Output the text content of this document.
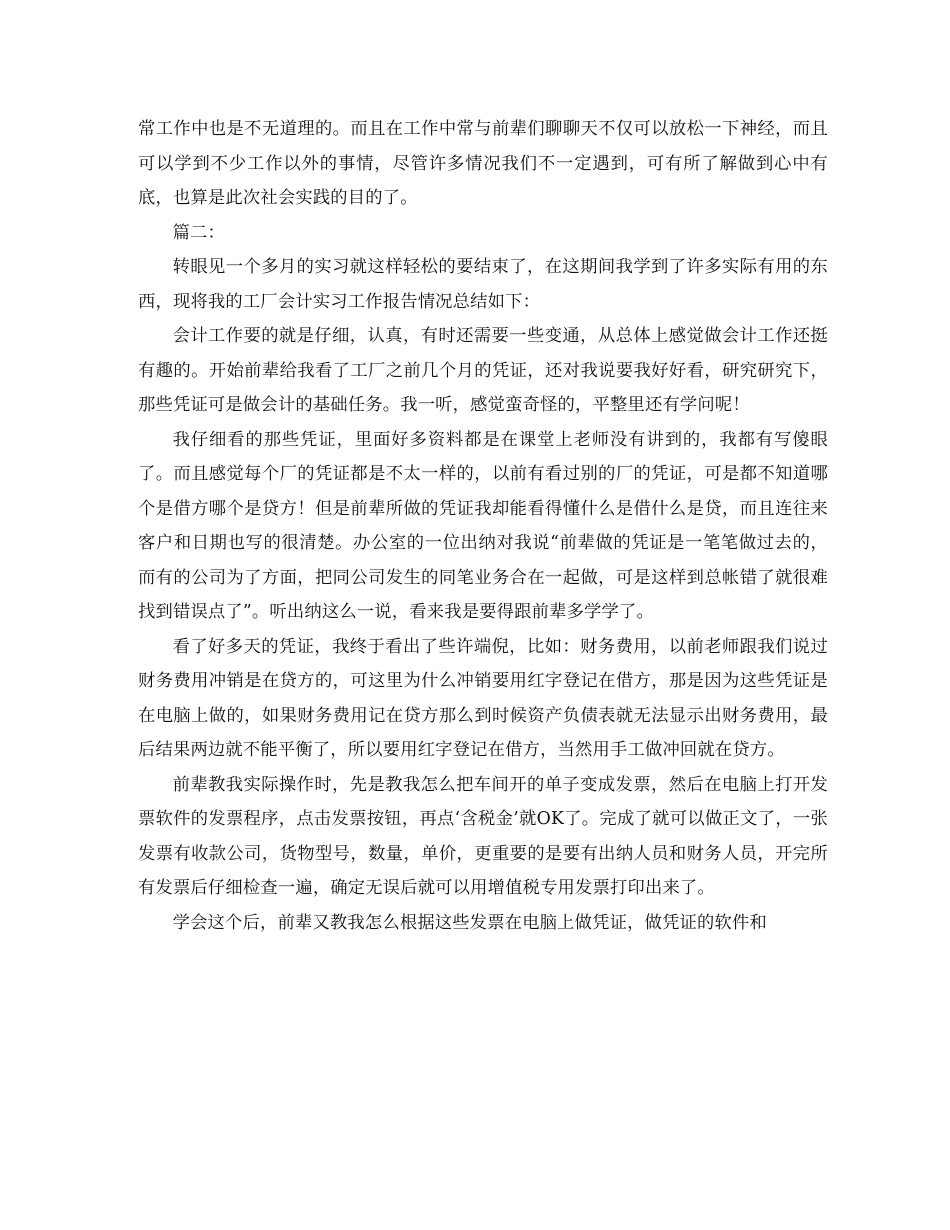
常工作中也是不无道理的。而且在工作中常与前辈们聊聊天不仅可以放松一下神经，而且可以学到不少工作以外的事情，尽管许多情况我们不一定遇到，可有所了解做到心中有底，也算是此次社会实践的目的了。

篇二：

转眼见一个多月的实习就这样轻松的要结束了，在这期间我学到了许多实际有用的东西，现将我的工厂会计实习工作报告情况总结如下：

会计工作要的就是仔细，认真，有时还需要一些变通，从总体上感觉做会计工作还挺有趣的。开始前辈给我看了工厂之前几个月的凭证，还对我说要我好好看，研究研究下，那些凭证可是做会计的基础任务。我一听，感觉蛮奇怪的，平整里还有学问呢！

我仔细看的那些凭证，里面好多资料都是在课堂上老师没有讲到的，我都有写傻眼了。而且感觉每个厂的凭证都是不太一样的，以前有看过别的厂的凭证，可是都不知道哪个是借方哪个是贷方！但是前辈所做的凭证我却能看得懂什么是借什么是贷，而且连往来客户和日期也写的很清楚。办公室的一位出纳对我说“前辈做的凭证是一笔笔做过去的，而有的公司为了方面，把同公司发生的同笔业务合在一起做，可是这样到总帐错了就很难找到错误点了”。听出纳这么一说，看来我是要得跟前辈多学学了。

看了好多天的凭证，我终于看出了些许端倪，比如：财务费用，以前老师跟我们说过财务费用冲销是在贷方的，可这里为什么冲销要用红字登记在借方，那是因为这些凭证是在电脑上做的，如果财务费用记在贷方那么到时候资产负债表就无法显示出财务费用，最后结果两边就不能平衡了，所以要用红字登记在借方，当然用手工做冲回就在贷方。

前辈教我实际操作时，先是教我怎么把车间开的单子变成发票，然后在电脑上打开发票软件的发票程序，点击发票按钮，再点‘含税金’就OK了。完成了就可以做正文了，一张发票有收款公司，货物型号，数量，单价，更重要的是要有出纳人员和财务人员，开完所有发票后仔细检查一遍，确定无误后就可以用增值税专用发票打印出来了。

学会这个后，前辈又教我怎么根据这些发票在电脑上做凭证，做凭证的软件和
